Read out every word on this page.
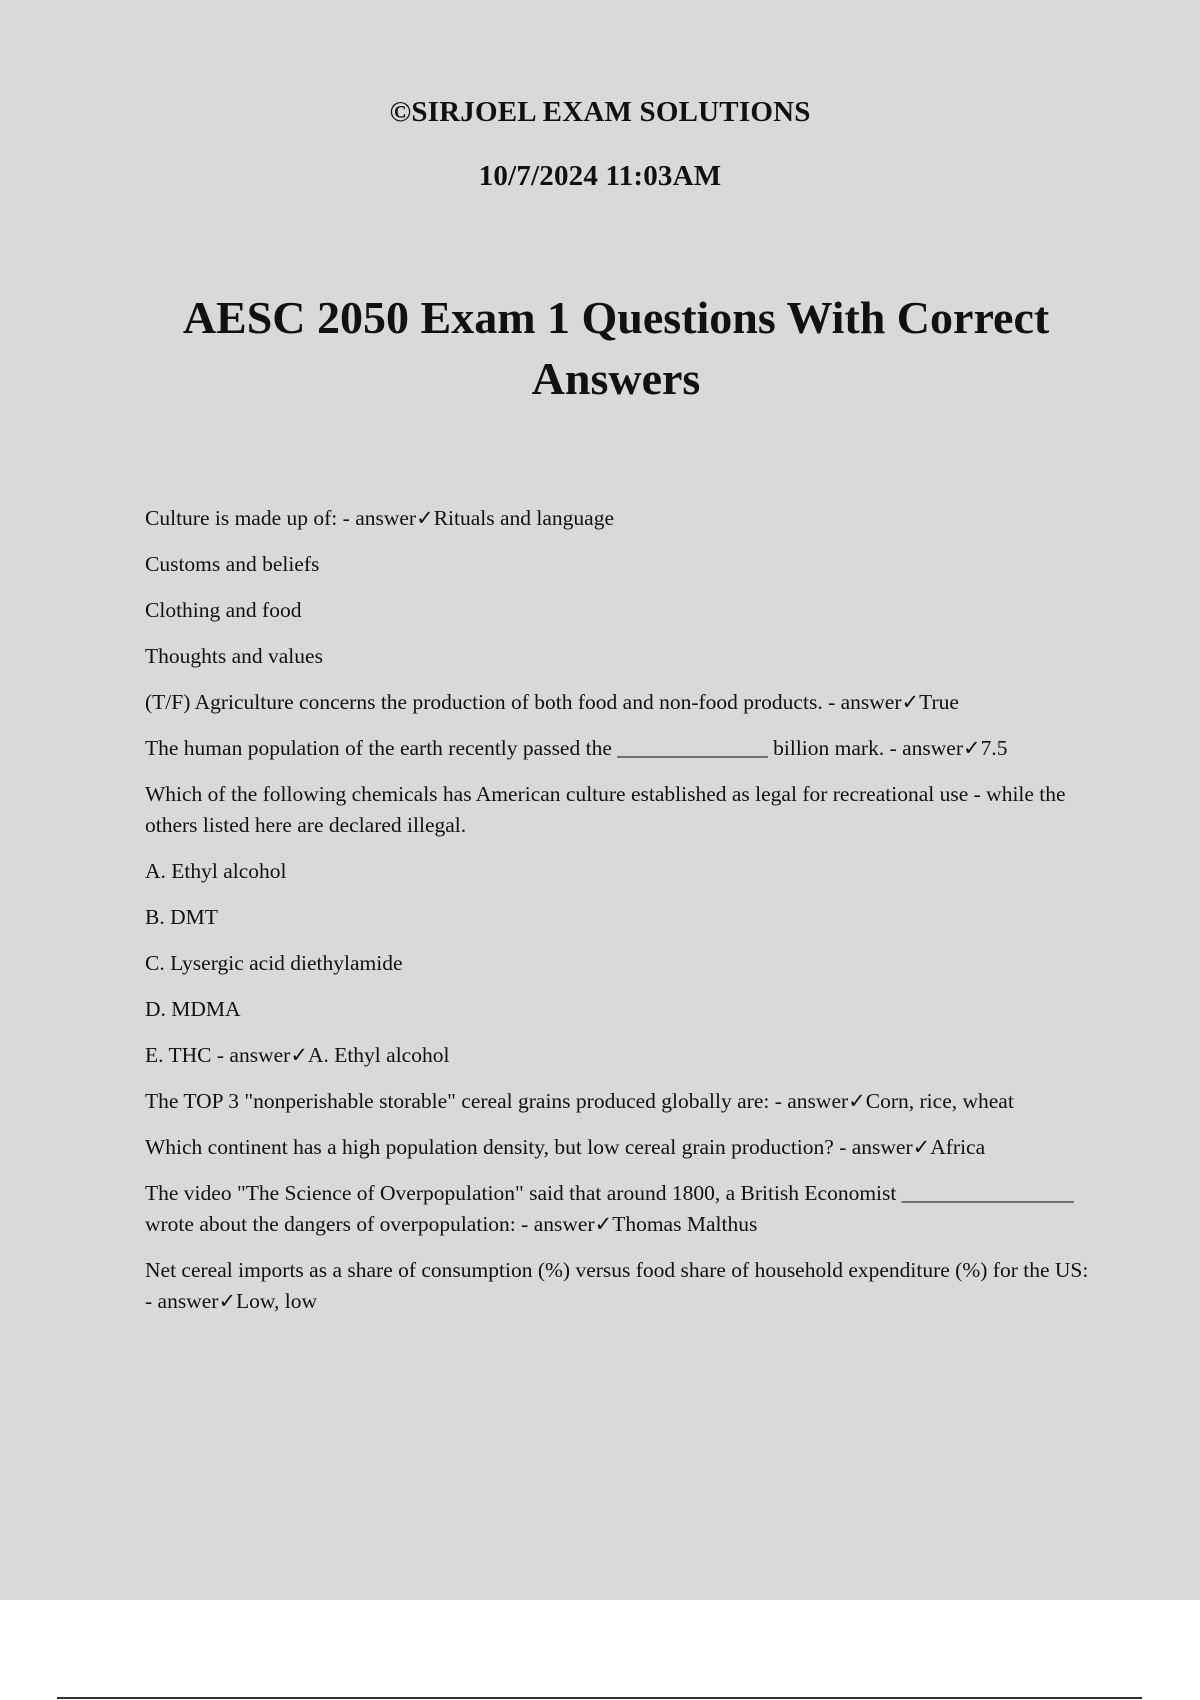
©SIRJOEL EXAM SOLUTIONS
10/7/2024 11:03AM
AESC 2050 Exam 1 Questions With Correct
Answers

Culture is made up of: - answer✓Rituals and language

Customs and beliefs

Clothing and food

Thoughts and values

(T/F) Agriculture concerns the production of both food and non-food products. - answer✓True

The human population of the earth recently passed the ______________ billion mark. - answer✓7.5

Which of the following chemicals has American culture established as legal for recreational use - while the others listed here are declared illegal.

A. Ethyl alcohol

B. DMT

C. Lysergic acid diethylamide

D. MDMA

E. THC - answer✓A. Ethyl alcohol

The TOP 3 "nonperishable storable" cereal grains produced globally are: - answer✓Corn, rice, wheat

Which continent has a high population density, but low cereal grain production? - answer✓Africa

The video "The Science of Overpopulation" said that around 1800, a British Economist ________________ wrote about the dangers of overpopulation: - answer✓Thomas Malthus

Net cereal imports as a share of consumption (%) versus food share of household expenditure (%) for the US: - answer✓Low, low
